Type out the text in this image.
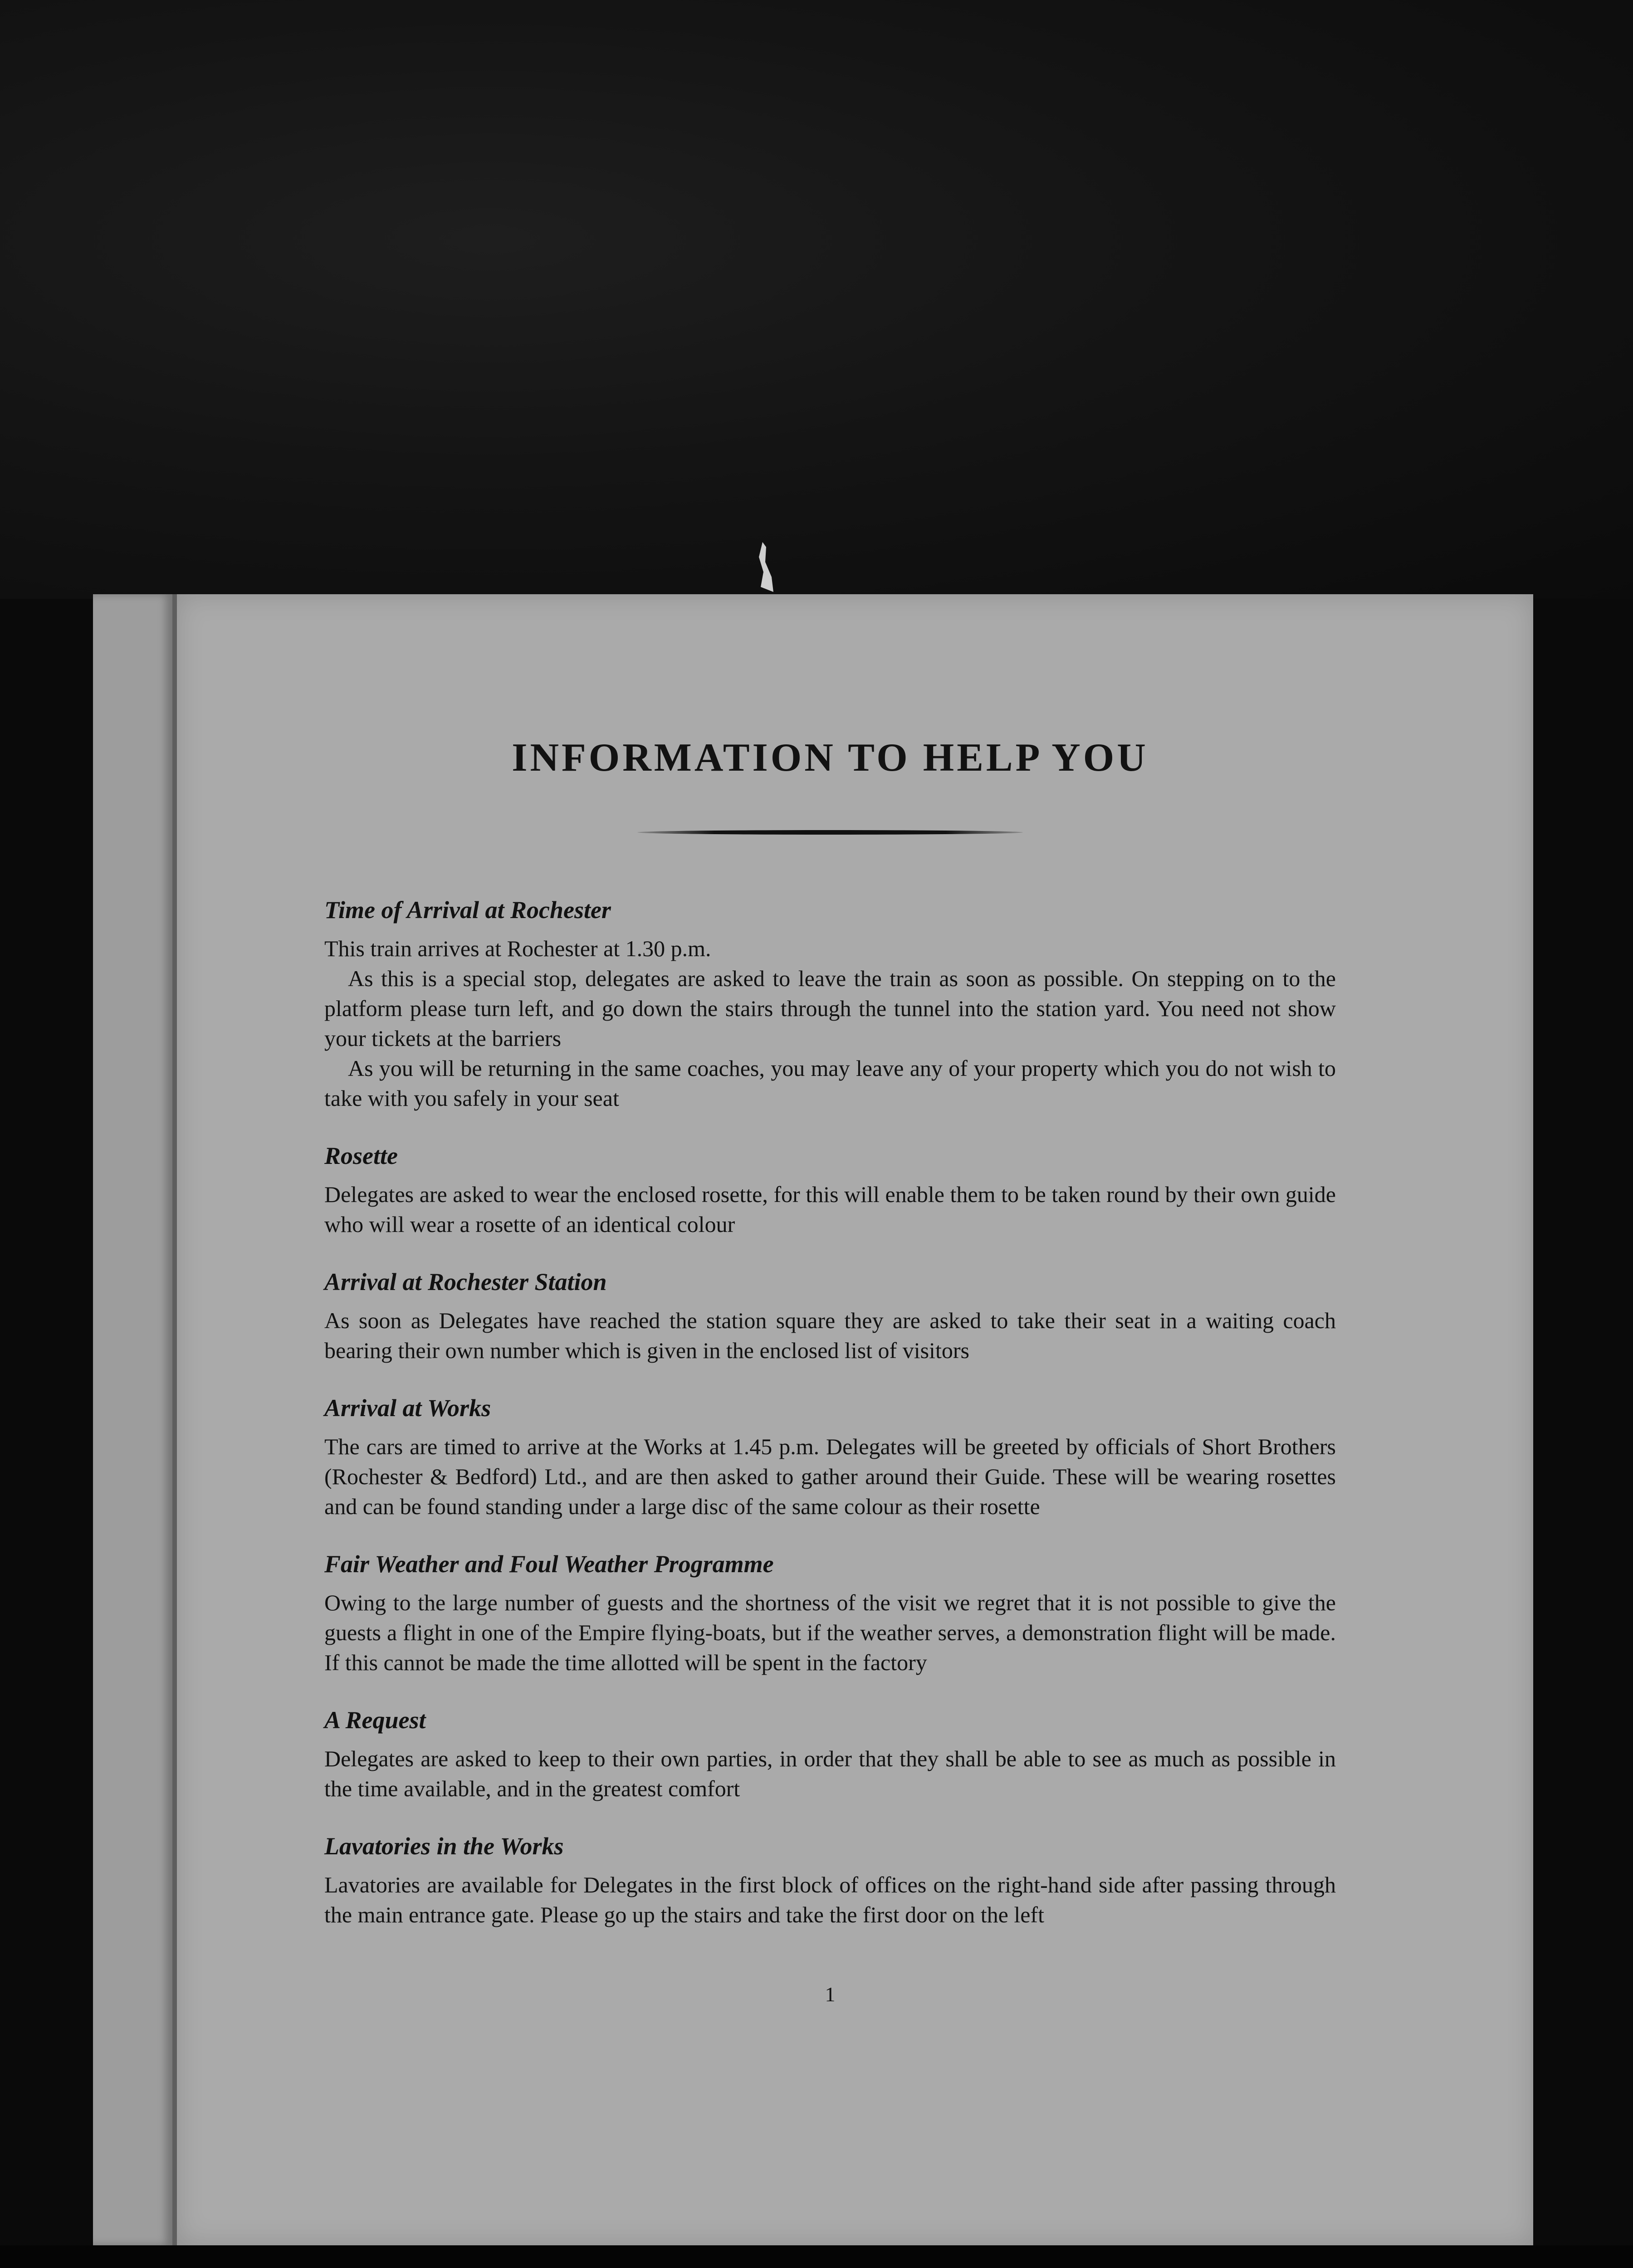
INFORMATION TO HELP YOU
Time of Arrival at Rochester

This train arrives at Rochester at 1.30 p.m.

As this is a special stop, delegates are asked to leave the train as soon as possible. On stepping on to the platform please turn left, and go down the stairs through the tunnel into the station yard. You need not show your tickets at the barriers

As you will be returning in the same coaches, you may leave any of your property which you do not wish to take with you safely in your seat

Rosette

Delegates are asked to wear the enclosed rosette, for this will enable them to be taken round by their own guide who will wear a rosette of an identical colour

Arrival at Rochester Station

As soon as Delegates have reached the station square they are asked to take their seat in a waiting coach bearing their own number which is given in the enclosed list of visitors

Arrival at Works

The cars are timed to arrive at the Works at 1.45 p.m. Delegates will be greeted by officials of Short Brothers (Rochester & Bedford) Ltd., and are then asked to gather around their Guide. These will be wearing rosettes and can be found standing under a large disc of the same colour as their rosette

Fair Weather and Foul Weather Programme

Owing to the large number of guests and the shortness of the visit we regret that it is not possible to give the guests a flight in one of the Empire flying-boats, but if the weather serves, a demonstration flight will be made. If this cannot be made the time allotted will be spent in the factory

A Request

Delegates are asked to keep to their own parties, in order that they shall be able to see as much as possible in the time available, and in the greatest comfort

Lavatories in the Works

Lavatories are available for Delegates in the first block of offices on the right-hand side after passing through the main entrance gate. Please go up the stairs and take the first door on the left

1
